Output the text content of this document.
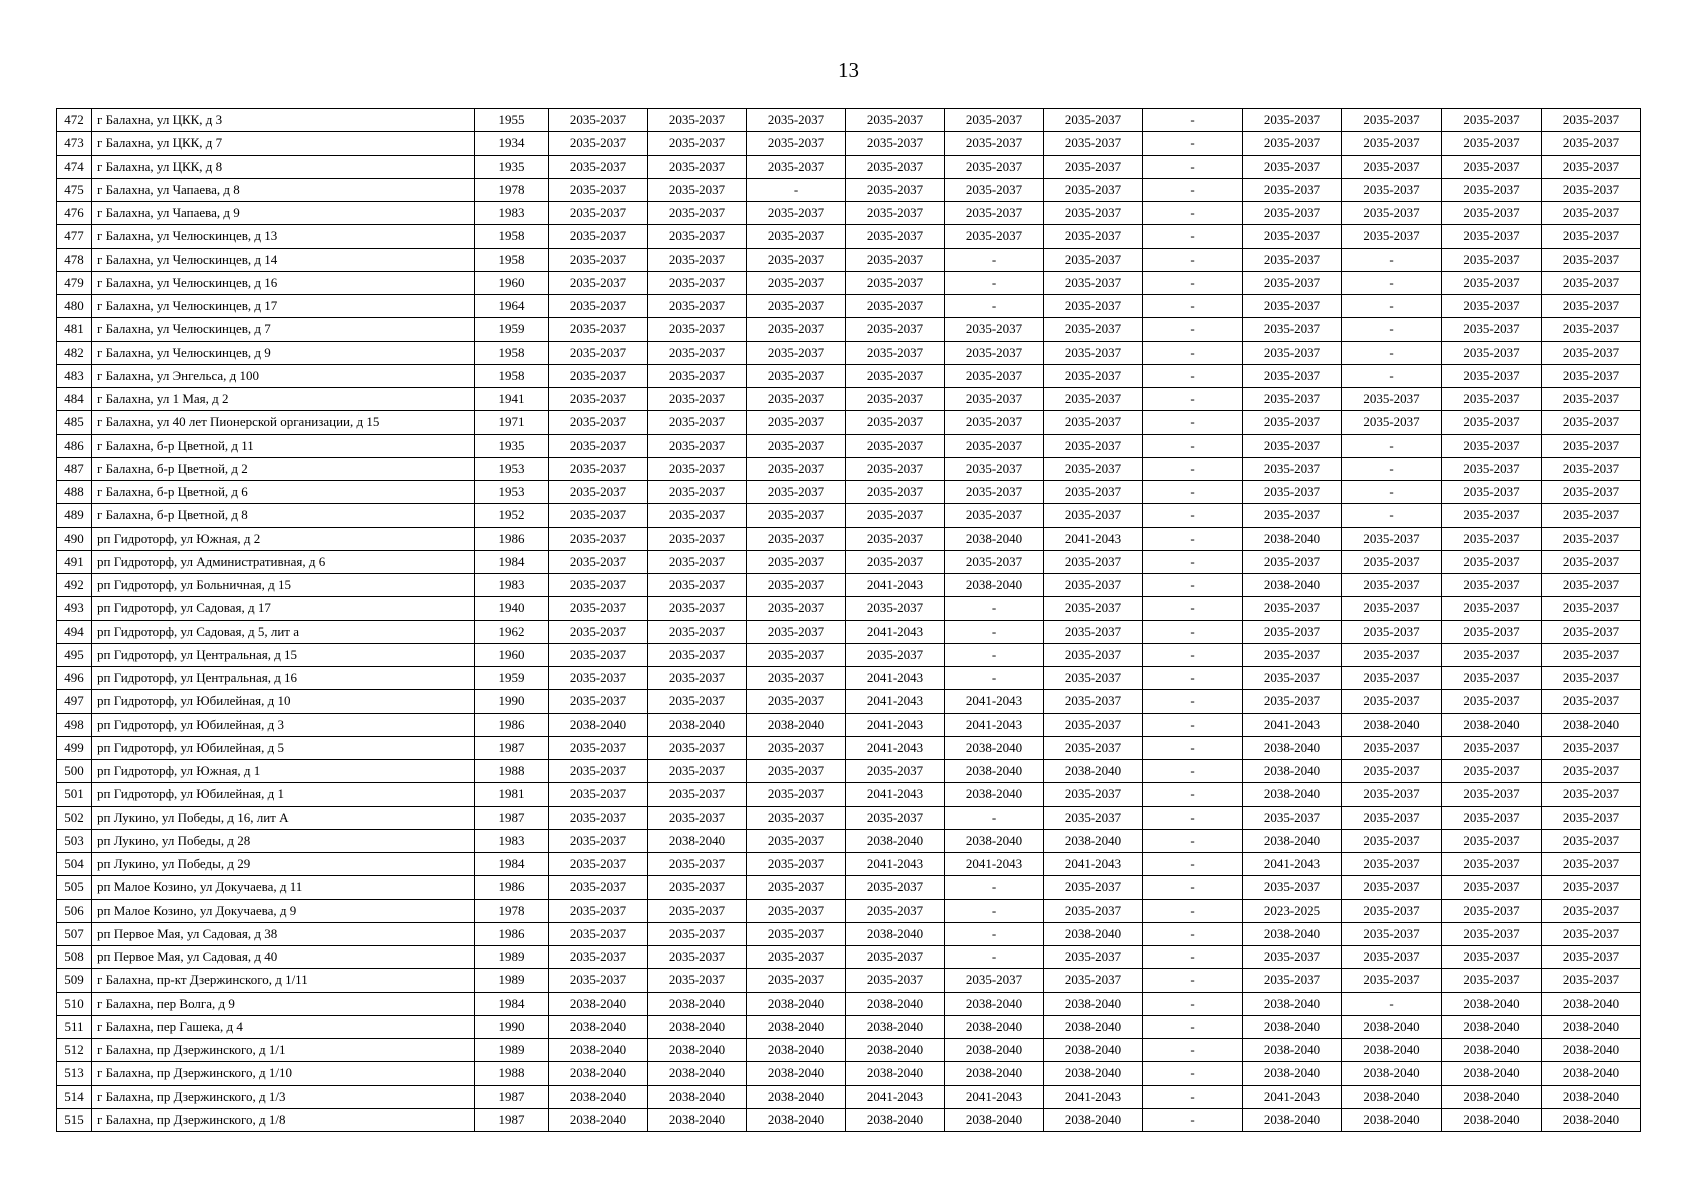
13
472	г Балахна, ул ЦКК, д 3	1955	2035-2037	2035-2037	2035-2037	2035-2037	2035-2037	2035-2037	-	2035-2037	2035-2037	2035-2037	2035-2037
473	г Балахна, ул ЦКК, д 7	1934	2035-2037	2035-2037	2035-2037	2035-2037	2035-2037	2035-2037	-	2035-2037	2035-2037	2035-2037	2035-2037
474	г Балахна, ул ЦКК, д 8	1935	2035-2037	2035-2037	2035-2037	2035-2037	2035-2037	2035-2037	-	2035-2037	2035-2037	2035-2037	2035-2037
475	г Балахна, ул Чапаева, д 8	1978	2035-2037	2035-2037	-	2035-2037	2035-2037	2035-2037	-	2035-2037	2035-2037	2035-2037	2035-2037
476	г Балахна, ул Чапаева, д 9	1983	2035-2037	2035-2037	2035-2037	2035-2037	2035-2037	2035-2037	-	2035-2037	2035-2037	2035-2037	2035-2037
477	г Балахна, ул Челюскинцев, д 13	1958	2035-2037	2035-2037	2035-2037	2035-2037	2035-2037	2035-2037	-	2035-2037	2035-2037	2035-2037	2035-2037
478	г Балахна, ул Челюскинцев, д 14	1958	2035-2037	2035-2037	2035-2037	2035-2037	-	2035-2037	-	2035-2037	-	2035-2037	2035-2037
479	г Балахна, ул Челюскинцев, д 16	1960	2035-2037	2035-2037	2035-2037	2035-2037	-	2035-2037	-	2035-2037	-	2035-2037	2035-2037
480	г Балахна, ул Челюскинцев, д 17	1964	2035-2037	2035-2037	2035-2037	2035-2037	-	2035-2037	-	2035-2037	-	2035-2037	2035-2037
481	г Балахна, ул Челюскинцев, д 7	1959	2035-2037	2035-2037	2035-2037	2035-2037	2035-2037	2035-2037	-	2035-2037	-	2035-2037	2035-2037
482	г Балахна, ул Челюскинцев, д 9	1958	2035-2037	2035-2037	2035-2037	2035-2037	2035-2037	2035-2037	-	2035-2037	-	2035-2037	2035-2037
483	г Балахна, ул Энгельса, д 100	1958	2035-2037	2035-2037	2035-2037	2035-2037	2035-2037	2035-2037	-	2035-2037	-	2035-2037	2035-2037
484	г Балахна, ул 1 Мая, д 2	1941	2035-2037	2035-2037	2035-2037	2035-2037	2035-2037	2035-2037	-	2035-2037	2035-2037	2035-2037	2035-2037
485	г Балахна, ул 40 лет Пионерской организации, д 15	1971	2035-2037	2035-2037	2035-2037	2035-2037	2035-2037	2035-2037	-	2035-2037	2035-2037	2035-2037	2035-2037
486	г Балахна, б-р Цветной, д 11	1935	2035-2037	2035-2037	2035-2037	2035-2037	2035-2037	2035-2037	-	2035-2037	-	2035-2037	2035-2037
487	г Балахна, б-р Цветной, д 2	1953	2035-2037	2035-2037	2035-2037	2035-2037	2035-2037	2035-2037	-	2035-2037	-	2035-2037	2035-2037
488	г Балахна, б-р Цветной, д 6	1953	2035-2037	2035-2037	2035-2037	2035-2037	2035-2037	2035-2037	-	2035-2037	-	2035-2037	2035-2037
489	г Балахна, б-р Цветной, д 8	1952	2035-2037	2035-2037	2035-2037	2035-2037	2035-2037	2035-2037	-	2035-2037	-	2035-2037	2035-2037
490	рп Гидроторф, ул Южная, д 2	1986	2035-2037	2035-2037	2035-2037	2035-2037	2038-2040	2041-2043	-	2038-2040	2035-2037	2035-2037	2035-2037
491	рп Гидроторф, ул Административная, д 6	1984	2035-2037	2035-2037	2035-2037	2035-2037	2035-2037	2035-2037	-	2035-2037	2035-2037	2035-2037	2035-2037
492	рп Гидроторф, ул Больничная, д 15	1983	2035-2037	2035-2037	2035-2037	2041-2043	2038-2040	2035-2037	-	2038-2040	2035-2037	2035-2037	2035-2037
493	рп Гидроторф, ул Садовая, д 17	1940	2035-2037	2035-2037	2035-2037	2035-2037	-	2035-2037	-	2035-2037	2035-2037	2035-2037	2035-2037
494	рп Гидроторф, ул Садовая, д 5, лит а	1962	2035-2037	2035-2037	2035-2037	2041-2043	-	2035-2037	-	2035-2037	2035-2037	2035-2037	2035-2037
495	рп Гидроторф, ул Центральная, д 15	1960	2035-2037	2035-2037	2035-2037	2035-2037	-	2035-2037	-	2035-2037	2035-2037	2035-2037	2035-2037
496	рп Гидроторф, ул Центральная, д 16	1959	2035-2037	2035-2037	2035-2037	2041-2043	-	2035-2037	-	2035-2037	2035-2037	2035-2037	2035-2037
497	рп Гидроторф, ул Юбилейная, д 10	1990	2035-2037	2035-2037	2035-2037	2041-2043	2041-2043	2035-2037	-	2035-2037	2035-2037	2035-2037	2035-2037
498	рп Гидроторф, ул Юбилейная, д 3	1986	2038-2040	2038-2040	2038-2040	2041-2043	2041-2043	2035-2037	-	2041-2043	2038-2040	2038-2040	2038-2040
499	рп Гидроторф, ул Юбилейная, д 5	1987	2035-2037	2035-2037	2035-2037	2041-2043	2038-2040	2035-2037	-	2038-2040	2035-2037	2035-2037	2035-2037
500	рп Гидроторф, ул Южная, д 1	1988	2035-2037	2035-2037	2035-2037	2035-2037	2038-2040	2038-2040	-	2038-2040	2035-2037	2035-2037	2035-2037
501	рп Гидроторф, ул Юбилейная, д 1	1981	2035-2037	2035-2037	2035-2037	2041-2043	2038-2040	2035-2037	-	2038-2040	2035-2037	2035-2037	2035-2037
502	рп Лукино, ул Победы, д 16, лит А	1987	2035-2037	2035-2037	2035-2037	2035-2037	-	2035-2037	-	2035-2037	2035-2037	2035-2037	2035-2037
503	рп Лукино, ул Победы, д 28	1983	2035-2037	2038-2040	2035-2037	2038-2040	2038-2040	2038-2040	-	2038-2040	2035-2037	2035-2037	2035-2037
504	рп Лукино, ул Победы, д 29	1984	2035-2037	2035-2037	2035-2037	2041-2043	2041-2043	2041-2043	-	2041-2043	2035-2037	2035-2037	2035-2037
505	рп Малое Козино, ул Докучаева, д 11	1986	2035-2037	2035-2037	2035-2037	2035-2037	-	2035-2037	-	2035-2037	2035-2037	2035-2037	2035-2037
506	рп Малое Козино, ул Докучаева, д 9	1978	2035-2037	2035-2037	2035-2037	2035-2037	-	2035-2037	-	2023-2025	2035-2037	2035-2037	2035-2037
507	рп Первое Мая, ул Садовая, д 38	1986	2035-2037	2035-2037	2035-2037	2038-2040	-	2038-2040	-	2038-2040	2035-2037	2035-2037	2035-2037
508	рп Первое Мая, ул Садовая, д 40	1989	2035-2037	2035-2037	2035-2037	2035-2037	-	2035-2037	-	2035-2037	2035-2037	2035-2037	2035-2037
509	г Балахна, пр-кт Дзержинского, д 1/11	1989	2035-2037	2035-2037	2035-2037	2035-2037	2035-2037	2035-2037	-	2035-2037	2035-2037	2035-2037	2035-2037
510	г Балахна, пер Волга, д 9	1984	2038-2040	2038-2040	2038-2040	2038-2040	2038-2040	2038-2040	-	2038-2040	-	2038-2040	2038-2040
511	г Балахна, пер Гашека, д 4	1990	2038-2040	2038-2040	2038-2040	2038-2040	2038-2040	2038-2040	-	2038-2040	2038-2040	2038-2040	2038-2040
512	г Балахна, пр Дзержинского, д 1/1	1989	2038-2040	2038-2040	2038-2040	2038-2040	2038-2040	2038-2040	-	2038-2040	2038-2040	2038-2040	2038-2040
513	г Балахна, пр Дзержинского, д 1/10	1988	2038-2040	2038-2040	2038-2040	2038-2040	2038-2040	2038-2040	-	2038-2040	2038-2040	2038-2040	2038-2040
514	г Балахна, пр Дзержинского, д 1/3	1987	2038-2040	2038-2040	2038-2040	2041-2043	2041-2043	2041-2043	-	2041-2043	2038-2040	2038-2040	2038-2040
515	г Балахна, пр Дзержинского, д 1/8	1987	2038-2040	2038-2040	2038-2040	2038-2040	2038-2040	2038-2040	-	2038-2040	2038-2040	2038-2040	2038-2040
